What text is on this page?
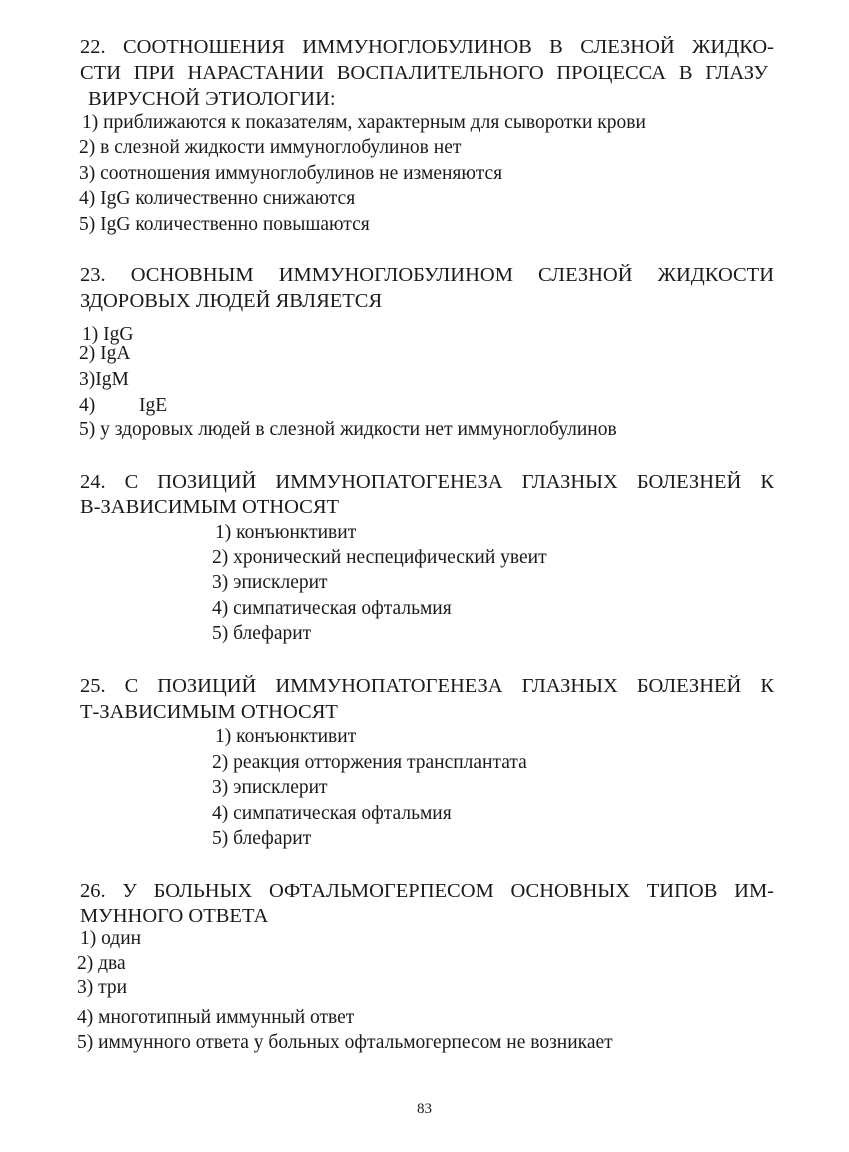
22. СООТНОШЕНИЯ ИММУНОГЛОБУЛИНОВ В СЛЕЗНОЙ ЖИДКО-
СТИ ПРИ НАРАСТАНИИ ВОСПАЛИТЕЛЬНОГО ПРОЦЕССА В ГЛАЗУ
ВИРУСНОЙ ЭТИОЛОГИИ:
1) приближаются к показателям, характерным для сыворотки крови
2) в слезной жидкости иммуноглобулинов нет
3) соотношения иммуноглобулинов не изменяются
4) IgG количественно снижаются
5) IgG количественно повышаются
23. ОСНОВНЫМ ИММУНОГЛОБУЛИНОМ СЛЕЗНОЙ ЖИДКОСТИ
ЗДОРОВЫХ ЛЮДЕЙ ЯВЛЯЕТСЯ
1) IgG
2) IgA
3)IgM
4) IgE
5) у здоровых людей в слезной жидкости нет иммуноглобулинов
24. С ПОЗИЦИЙ ИММУНОПАТОГЕНЕЗА ГЛАЗНЫХ БОЛЕЗНЕЙ К
В-ЗАВИСИМЫМ ОТНОСЯТ
1) конъюнктивит
2) хронический неспецифический увеит
3) эписклерит
4) симпатическая офтальмия
5) блефарит
25. С ПОЗИЦИЙ ИММУНОПАТОГЕНЕЗА ГЛАЗНЫХ БОЛЕЗНЕЙ К
Т-ЗАВИСИМЫМ ОТНОСЯТ
1) конъюнктивит
2) реакция отторжения трансплантата
3) эписклерит
4) симпатическая офтальмия
5) блефарит
26. У БОЛЬНЫХ ОФТАЛЬМОГЕРПЕСОМ ОСНОВНЫХ ТИПОВ ИМ-
МУННОГО ОТВЕТА
1) один
2) два
3) три
4) многотипный иммунный ответ
5) иммунного ответа у больных офтальмогерпесом не возникает
83
